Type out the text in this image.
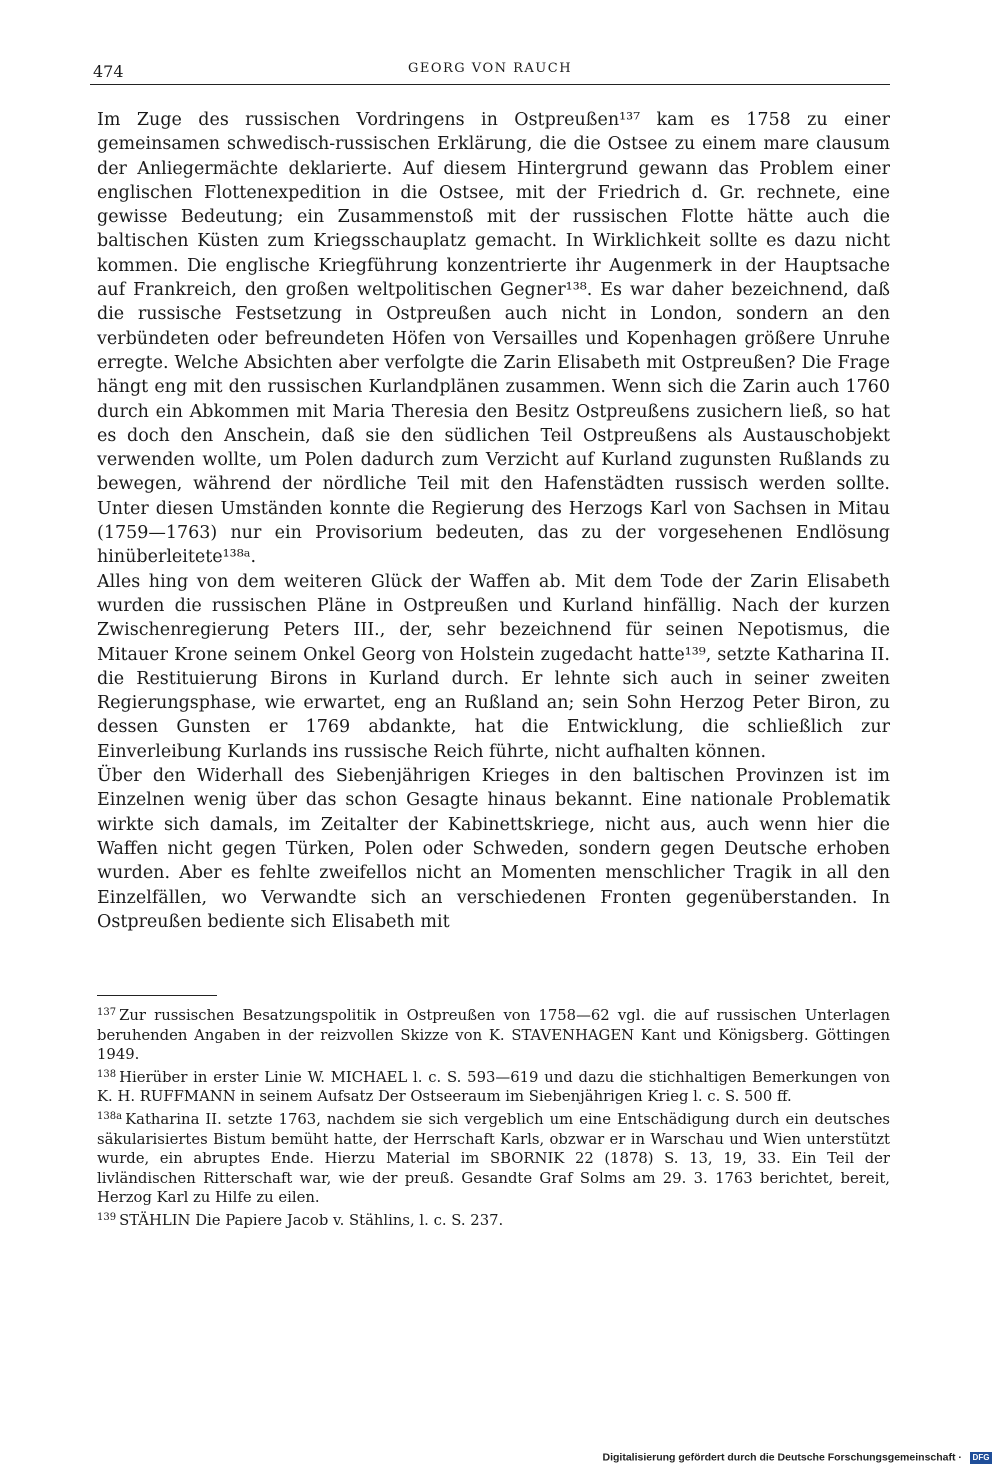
474	GEORG VON RAUCH

Im Zuge des russischen Vordringens in Ostpreußen¹³⁷ kam es 1758 zu einer gemeinsamen schwedisch-russischen Erklärung, die die Ostsee zu einem mare clausum der Anliegermächte deklarierte. Auf diesem Hintergrund gewann das Problem einer englischen Flottenexpedition in die Ostsee, mit der Friedrich d. Gr. rechnete, eine gewisse Bedeutung; ein Zusammenstoß mit der russischen Flotte hätte auch die baltischen Küsten zum Kriegsschauplatz gemacht. In Wirklichkeit sollte es dazu nicht kommen. Die englische Kriegführung konzentrierte ihr Augenmerk in der Hauptsache auf Frankreich, den großen weltpolitischen Gegner¹³⁸. Es war daher bezeichnend, daß die russische Festsetzung in Ostpreußen auch nicht in London, sondern an den verbündeten oder befreundeten Höfen von Versailles und Kopenhagen größere Unruhe erregte. Welche Absichten aber verfolgte die Zarin Elisabeth mit Ostpreußen? Die Frage hängt eng mit den russischen Kurlandplänen zusammen. Wenn sich die Zarin auch 1760 durch ein Abkommen mit Maria Theresia den Besitz Ostpreußens zusichern ließ, so hat es doch den Anschein, daß sie den südlichen Teil Ostpreußens als Austauschobjekt verwenden wollte, um Polen dadurch zum Verzicht auf Kurland zugunsten Rußlands zu bewegen, während der nördliche Teil mit den Hafenstädten russisch werden sollte. Unter diesen Umständen konnte die Regierung des Herzogs Karl von Sachsen in Mitau (1759—1763) nur ein Provisorium bedeuten, das zu der vorgesehenen Endlösung hinüberleitete¹³⁸ᵃ.

Alles hing von dem weiteren Glück der Waffen ab. Mit dem Tode der Zarin Elisabeth wurden die russischen Pläne in Ostpreußen und Kurland hinfällig. Nach der kurzen Zwischenregierung Peters III., der, sehr bezeichnend für seinen Nepotismus, die Mitauer Krone seinem Onkel Georg von Holstein zugedacht hatte¹³⁹, setzte Katharina II. die Restituierung Birons in Kurland durch. Er lehnte sich auch in seiner zweiten Regierungsphase, wie erwartet, eng an Rußland an; sein Sohn Herzog Peter Biron, zu dessen Gunsten er 1769 abdankte, hat die Entwicklung, die schließlich zur Einverleibung Kurlands ins russische Reich führte, nicht aufhalten können.

Über den Widerhall des Siebenjährigen Krieges in den baltischen Provinzen ist im Einzelnen wenig über das schon Gesagte hinaus bekannt. Eine nationale Problematik wirkte sich damals, im Zeitalter der Kabinettskriege, nicht aus, auch wenn hier die Waffen nicht gegen Türken, Polen oder Schweden, sondern gegen Deutsche erhoben wurden. Aber es fehlte zweifellos nicht an Momenten menschlicher Tragik in all den Einzelfällen, wo Verwandte sich an verschiedenen Fronten gegenüberstanden. In Ostpreußen bediente sich Elisabeth mit

$^{137}$ Zur russischen Besatzungspolitik in Ostpreußen von 1758—62 vgl. die auf russischen Unterlagen beruhenden Angaben in der reizvollen Skizze von K. STAVENHAGEN Kant und Königsberg. Göttingen 1949.

$^{138}$ Hierüber in erster Linie W. MICHAEL l. c. S. 593—619 und dazu die stichhaltigen Bemerkungen von K. H. RUFFMANN in seinem Aufsatz Der Ostseeraum im Siebenjährigen Krieg l. c. S. 500 ff.

$^{138a}$ Katharina II. setzte 1763, nachdem sie sich vergeblich um eine Entschädigung durch ein deutsches säkularisiertes Bistum bemüht hatte, der Herrschaft Karls, obzwar er in Warschau und Wien unterstützt wurde, ein abruptes Ende. Hierzu Material im SBORNIK 22 (1878) S. 13, 19, 33. Ein Teil der livländischen Ritterschaft war, wie der preuß. Gesandte Graf Solms am 29. 3. 1763 berichtet, bereit, Herzog Karl zu Hilfe zu eilen.

$^{139}$ STÄHLIN Die Papiere Jacob v. Stählins, l. c. S. 237.

Digitalisierung gefördert durch die Deutsche Forschungsgemeinschaft · DFG
